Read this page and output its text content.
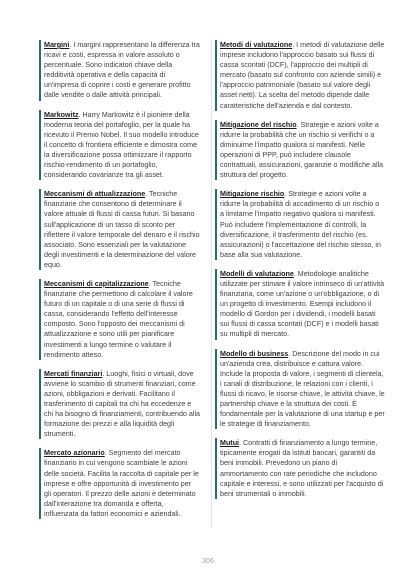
Margini. I margini rappresentano la differenza tra ricavi e costi, espressa in valore assoluto o percentuale. Sono indicatori chiave della redditività operativa e della capacità di un'impresa di coprire i costi e generare profitto dalle vendite o dalle attività principali.

Markowitz. Harry Markowitz è il pioniere della moderna teoria del portafoglio, per la quale ha ricevuto il Premio Nobel. Il suo modello introduce il concetto di frontiera efficiente e dimostra come la diversificazione possa ottimizzare il rapporto rischio-rendimento di un portafoglio, considerando covarianze tra gli asset.

Meccanismi di attualizzazione. Tecniche finanziarie che consentono di determinare il valore attuale di flussi di cassa futuri. Si basano sull'applicazione di un tasso di sconto per riflettere il valore temporale del denaro e il rischio associato. Sono essenziali per la valutazione degli investimenti e la determinazione del valore equo.

Meccanismi di capitalizzazione. Tecniche finanziarie che permettono di calcolare il valore futuro di un capitale o di una serie di flussi di cassa, considerando l'effetto dell'interesse composto. Sono l'opposto dei meccanismi di attualizzazione e sono utili per pianificare investimenti a lungo termine o valutare il rendimento atteso.

Mercati finanziari. Luoghi, fisici o virtuali, dove avviene lo scambio di strumenti finanziari, come azioni, obbligazioni e derivati. Facilitano il trasferimento di capitali tra chi ha eccedenze e chi ha bisogno di finanziamenti, contribuendo alla formazione dei prezzi e alla liquidità degli strumenti.

Mercato azionario. Segmento del mercato finanziario in cui vengono scambiate le azioni delle società. Facilita la raccolta di capitale per le imprese e offre opportunità di investimento per gli operatori. Il prezzo delle azioni è determinato dall'interazione tra domanda e offerta, influenzata da fattori economici e aziendali.

Metodi di valutazione. I metodi di valutazione delle imprese includono l'approccio basato sui flussi di cassa scontati (DCF), l'approccio dei multipli di mercato (basato sul confronto con aziende simili) e l'approccio patrimoniale (basato sul valore degli asset netti). La scelta del metodo dipende dalle caratteristiche dell'azienda e dal contesto.

Mitigazione del rischio. Strategie e azioni volte a ridurre la probabilità che un rischio si verifichi o a diminuirne l'impatto qualora si manifesti. Nelle operazioni di PPP, può includere clausole contrattuali, assicurazioni, garanzie o modifiche alla struttura del progetto.

Mitigazione rischio. Strategie e azioni volte a ridurre la probabilità di accadimento di un rischio o a limitarne l'impatto negativo qualora si manifesti. Può includere l'implementazione di controlli, la diversificazione, il trasferimento del rischio (es. assicurazioni) o l'accettazione del rischio stesso, in base alla sua valutazione.

Modelli di valutazione. Metodologie analitiche utilizzate per stimare il valore intrinseco di un'attività finanziaria, come un'azione o un'obbligazione, o di un progetto di investimento. Esempi includono il modello di Gordon per i dividendi, i modelli basati sui flussi di cassa scontati (DCF) e i modelli basati su multipli di mercato.

Modello di business. Descrizione del modo in cui un'azienda crea, distribuisce e cattura valore. Include la proposta di valore, i segmenti di clientela, i canali di distribuzione, le relazioni con i clienti, i flussi di ricavo, le risorse chiave, le attività chiave, le partnership chiave e la struttura dei costi. È fondamentale per la valutazione di una startup e per le strategie di finanziamento.

Mutui. Contratti di finanziamento a lungo termine, tipicamente erogati da istituti bancari, garantiti da beni immobili. Prevedono un piano di ammortamento con rate periodiche che includono capitale e interessi, e sono utilizzati per l'acquisto di beni strumentali o immobili.

306
